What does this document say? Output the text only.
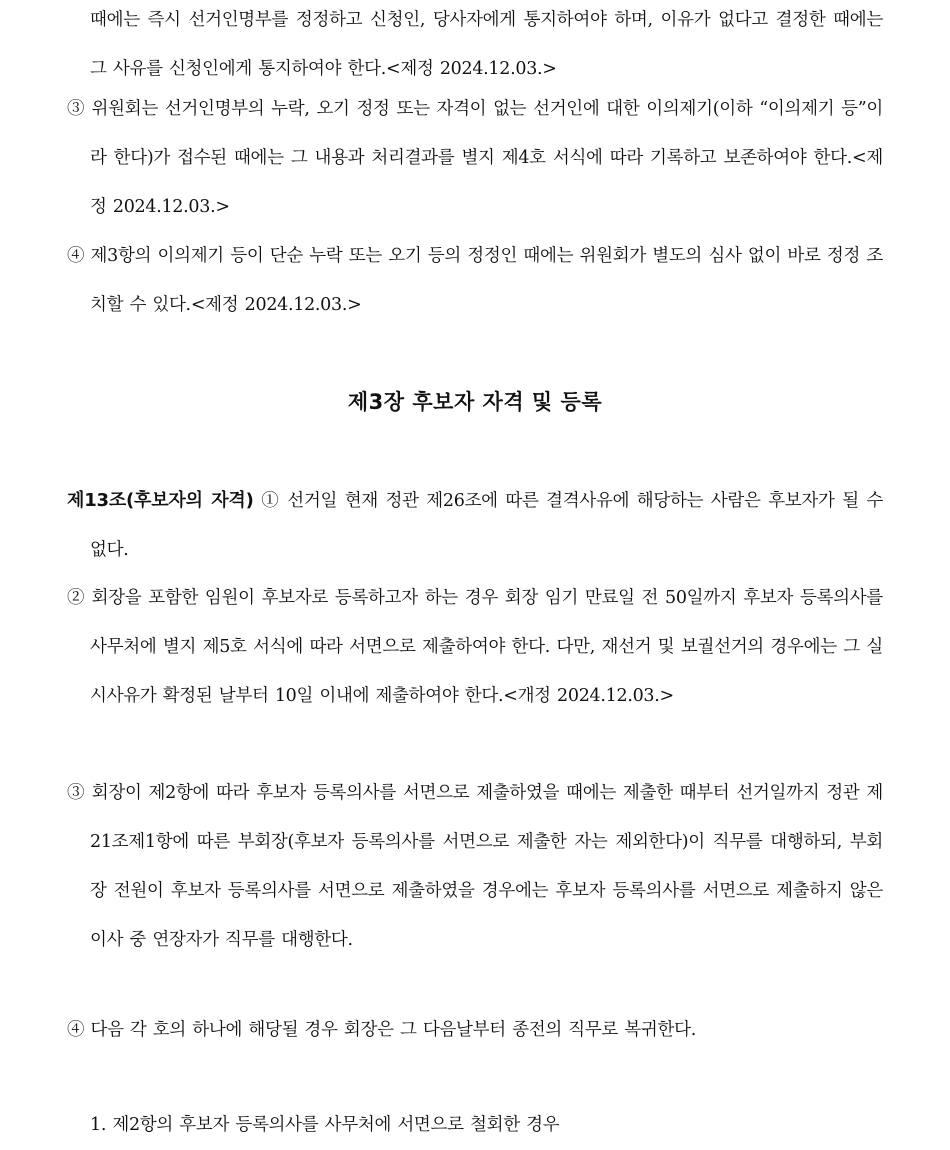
때에는 즉시 선거인명부를 정정하고 신청인, 당사자에게 통지하여야 하며, 이유가 없다고 결정한 때에는 그 사유를 신청인에게 통지하여야 한다.<제정 2024.12.03.>

③ 위원회는 선거인명부의 누락, 오기 정정 또는 자격이 없는 선거인에 대한 이의제기(이하 “이의제기 등”이라 한다)가 접수된 때에는 그 내용과 처리결과를 별지 제4호 서식에 따라 기록하고 보존하여야 한다.<제정 2024.12.03.>

④ 제3항의 이의제기 등이 단순 누락 또는 오기 등의 정정인 때에는 위원회가 별도의 심사 없이 바로 정정 조치할 수 있다.<제정 2024.12.03.>

제3장 후보자 자격 및 등록

제13조(후보자의 자격) ① 선거일 현재 정관 제26조에 따른 결격사유에 해당하는 사람은 후보자가 될 수 없다.

② 회장을 포함한 임원이 후보자로 등록하고자 하는 경우 회장 임기 만료일 전 50일까지 후보자 등록의사를 사무처에 별지 제5호 서식에 따라 서면으로 제출하여야 한다. 다만, 재선거 및 보궐선거의 경우에는 그 실시사유가 확정된 날부터 10일 이내에 제출하여야 한다.<개정 2024.12.03.>

③ 회장이 제2항에 따라 후보자 등록의사를 서면으로 제출하였을 때에는 제출한 때부터 선거일까지 정관 제21조제1항에 따른 부회장(후보자 등록의사를 서면으로 제출한 자는 제외한다)이 직무를 대행하되, 부회장 전원이 후보자 등록의사를 서면으로 제출하였을 경우에는 후보자 등록의사를 서면으로 제출하지 않은 이사 중 연장자가 직무를 대행한다.

④ 다음 각 호의 하나에 해당될 경우 회장은 그 다음날부터 종전의 직무로 복귀한다.

1. 제2항의 후보자 등록의사를 사무처에 서면으로 철회한 경우
